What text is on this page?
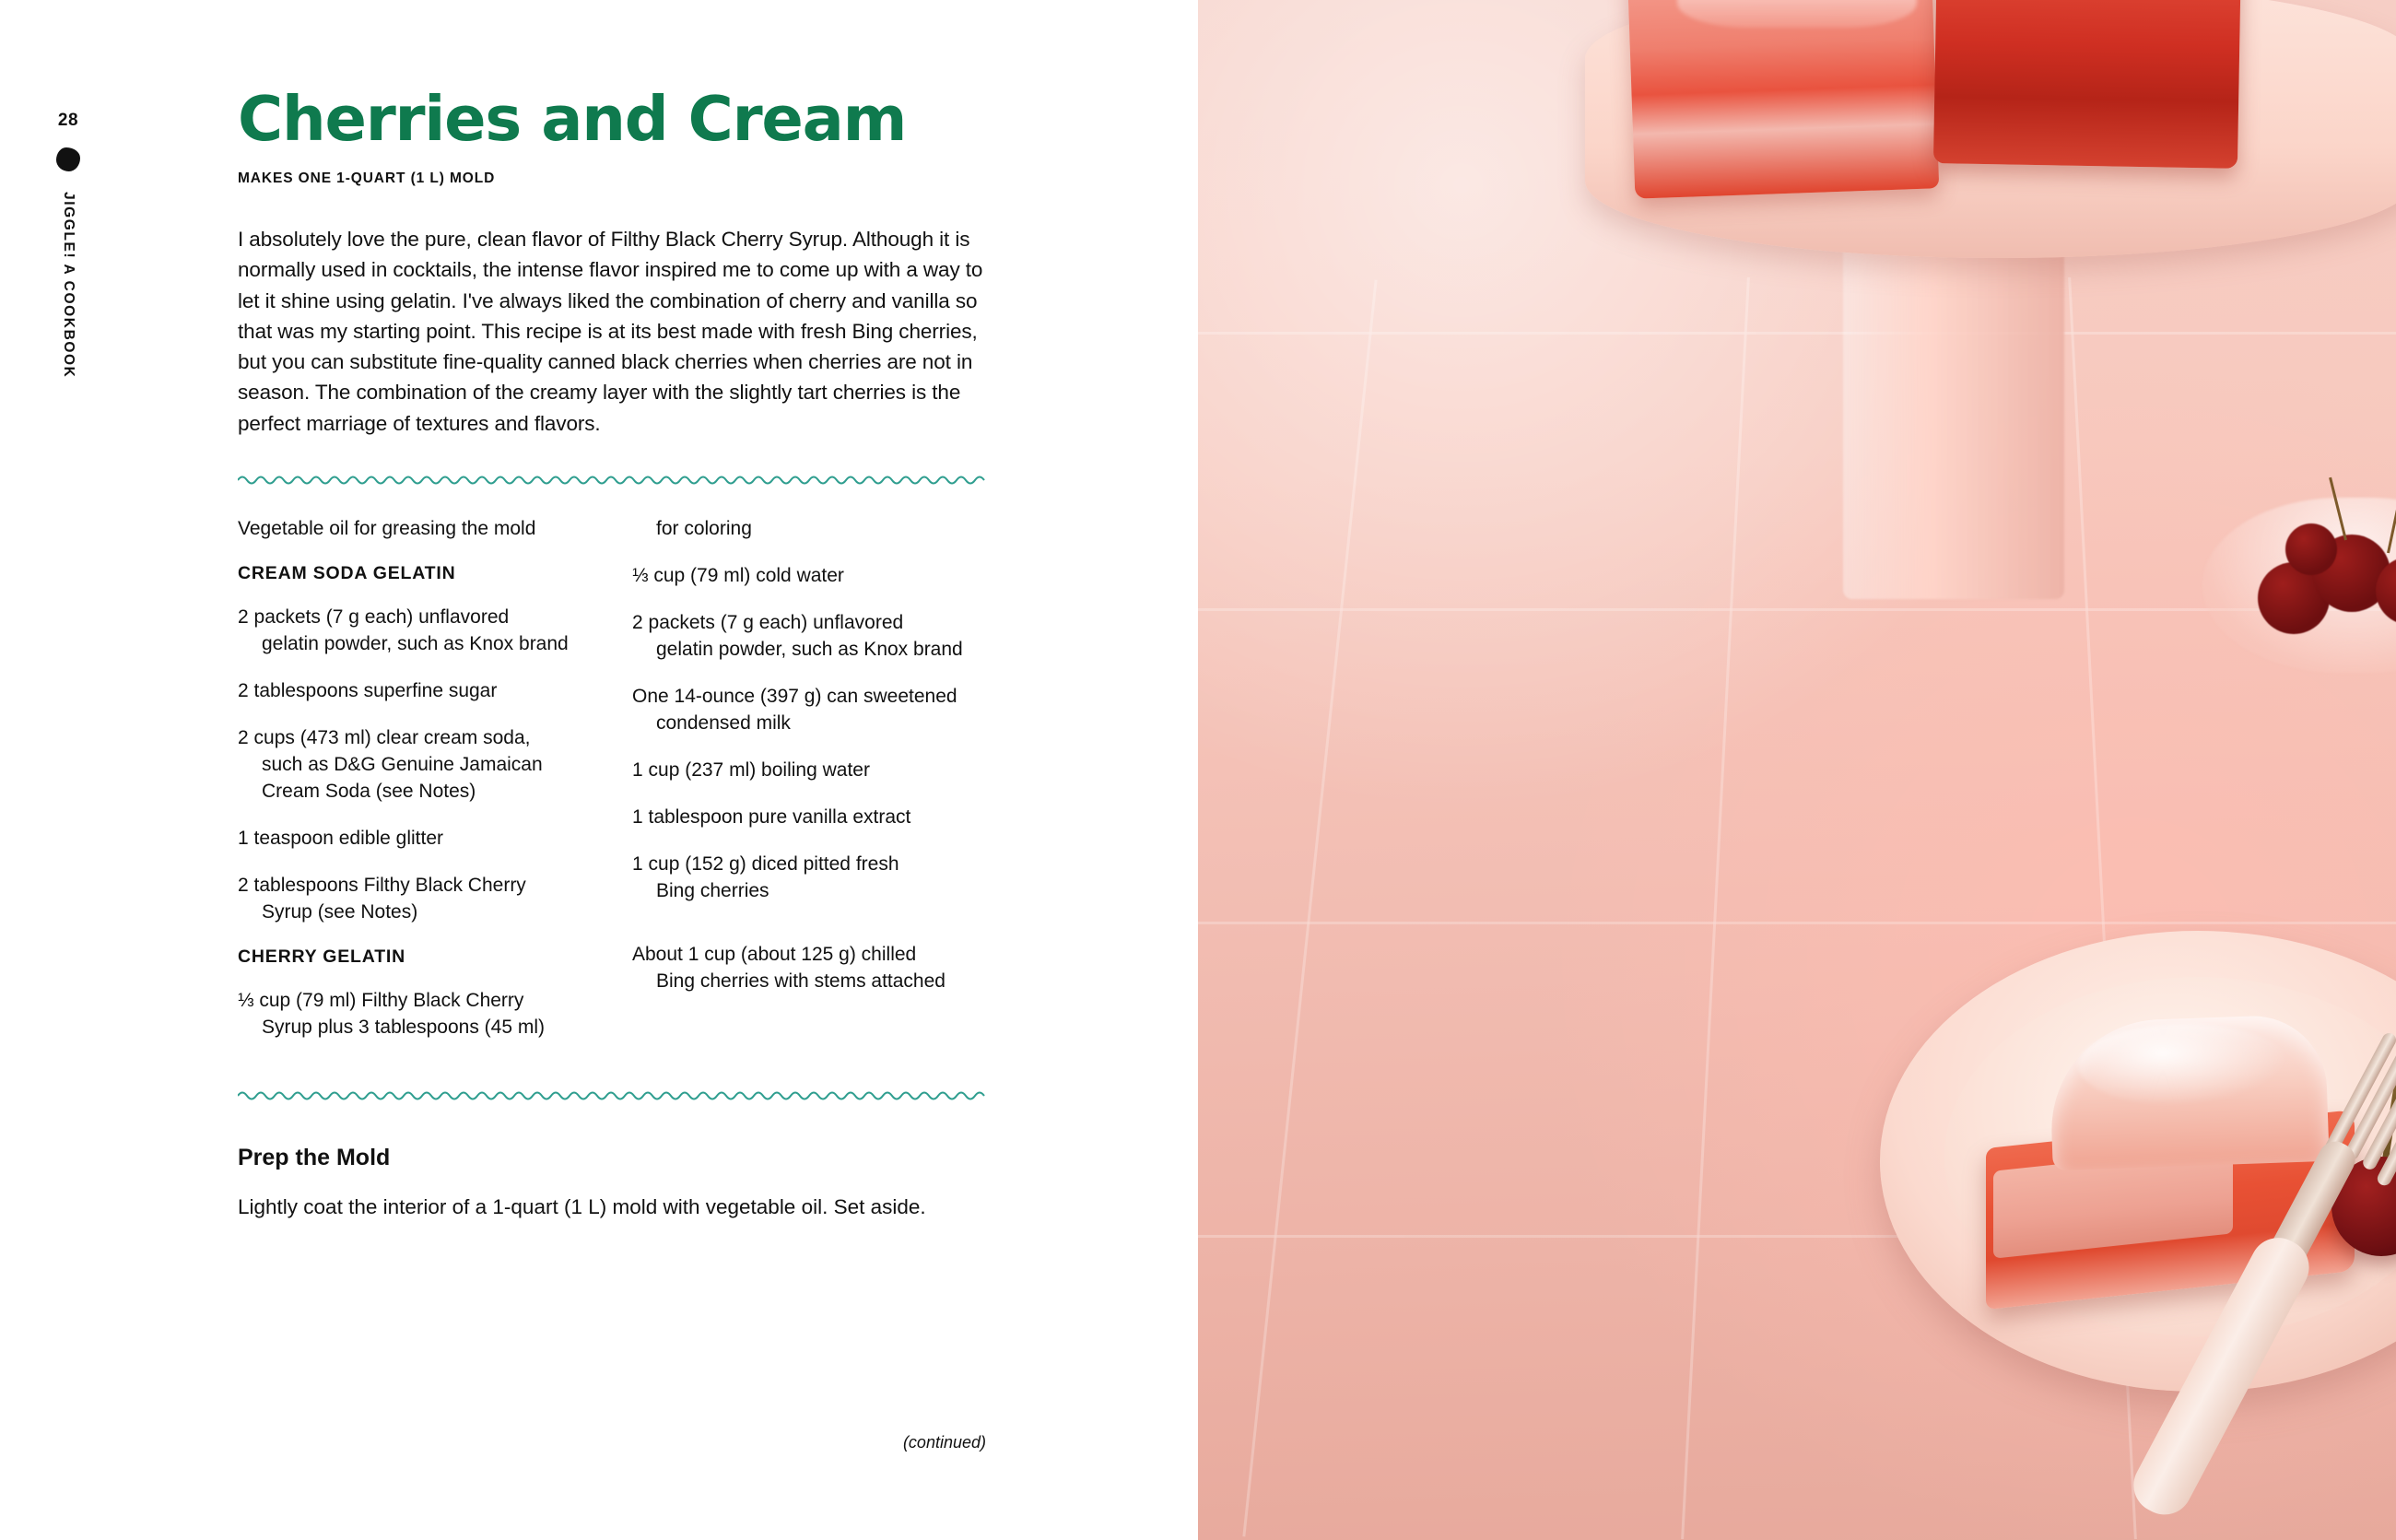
28
JIGGLE! A COOKBOOK
Cherries and Cream
MAKES ONE 1-QUART (1 L) MOLD

I absolutely love the pure, clean flavor of Filthy Black Cherry Syrup. Although it is normally used in cocktails, the intense flavor inspired me to come up with a way to let it shine using gelatin. I've always liked the combination of cherry and vanilla so that was my starting point. This recipe is at its best made with fresh Bing cherries, but you can substitute fine-quality canned black cherries when cherries are not in season. The combination of the creamy layer with the slightly tart cherries is the perfect marriage of textures and flavors.

Vegetable oil for greasing the mold
CREAM SODA GELATIN
2 packets (7 g each) unflavored
gelatin powder, such as Knox brand
2 tablespoons superfine sugar
2 cups (473 ml) clear cream soda,
such as D&G Genuine Jamaican Cream Soda (see Notes)
1 teaspoon edible glitter
2 tablespoons Filthy Black Cherry
Syrup (see Notes)
CHERRY GELATIN
⅓ cup (79 ml) Filthy Black Cherry
Syrup plus 3 tablespoons (45 ml)
for coloring
⅓ cup (79 ml) cold water
2 packets (7 g each) unflavored
gelatin powder, such as Knox brand
One 14-ounce (397 g) can sweetened
condensed milk
1 cup (237 ml) boiling water
1 tablespoon pure vanilla extract
1 cup (152 g) diced pitted fresh
Bing cherries
About 1 cup (about 125 g) chilled
Bing cherries with stems attached
Prep the Mold

Lightly coat the interior of a 1-quart (1 L) mold with vegetable oil. Set aside.

(continued)
